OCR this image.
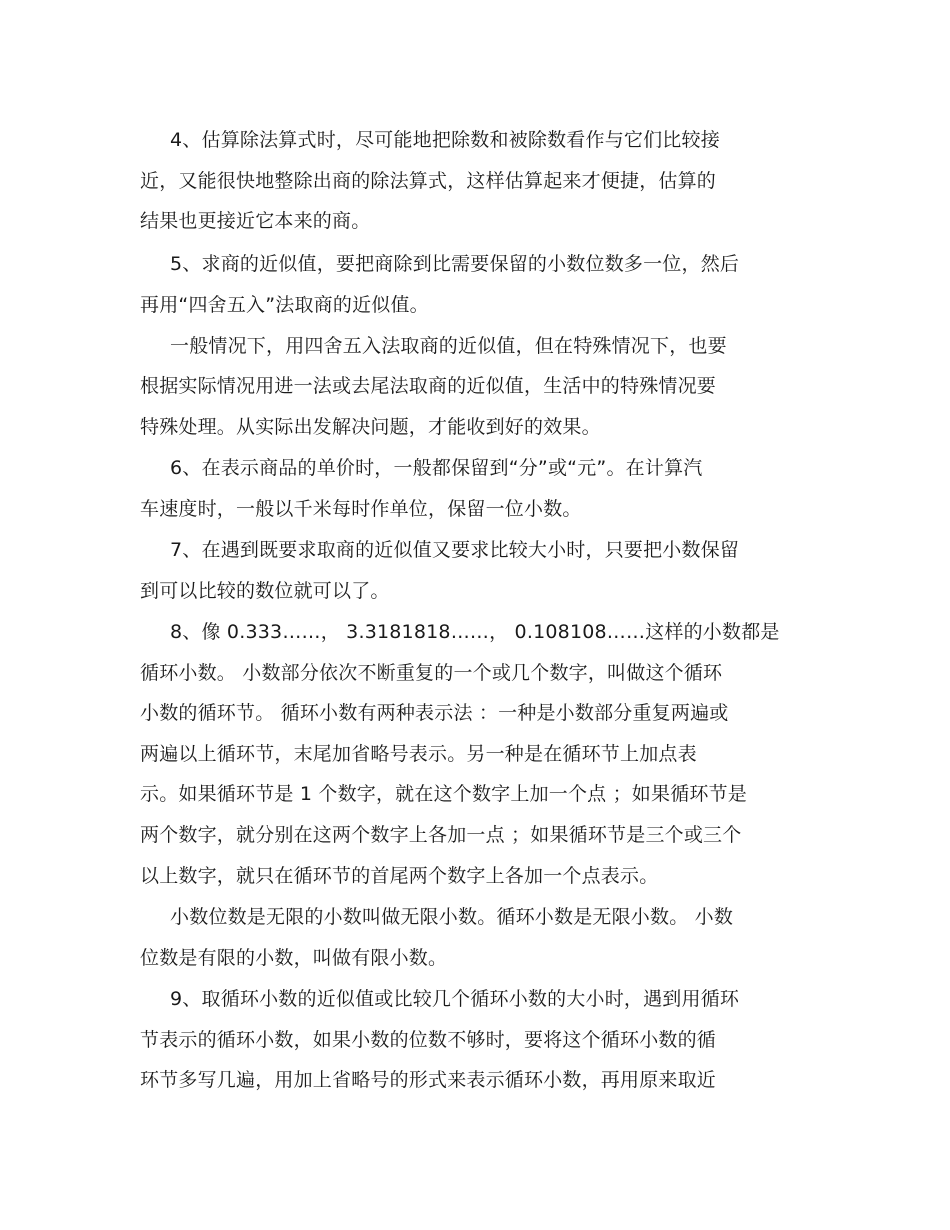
4、估算除法算式时，尽可能地把除数和被除数看作与它们比较接
近，又能很快地整除出商的除法算式，这样估算起来才便捷，估算的
结果也更接近它本来的商。
5、求商的近似值，要把商除到比需要保留的小数位数多一位，然后
再用“四舍五入”法取商的近似值。
一般情况下，用四舍五入法取商的近似值，但在特殊情况下，也要
根据实际情况用进一法或去尾法取商的近似值，生活中的特殊情况要
特殊处理。从实际出发解决问题，才能收到好的效果。
6、在表示商品的单价时，一般都保留到“分”或“元”。在计算汽
车速度时，一般以千米每时作单位，保留一位小数。
7、在遇到既要求取商的近似值又要求比较大小时，只要把小数保留
到可以比较的数位就可以了。
8、像 0.333……， 3.3181818……， 0.108108……这样的小数都是
循环小数。 小数部分依次不断重复的一个或几个数字，叫做这个循环
小数的循环节。 循环小数有两种表示法 ：一种是小数部分重复两遍或
两遍以上循环节，末尾加省略号表示。另一种是在循环节上加点表
示。如果循环节是 1 个数字，就在这个数字上加一个点 ；如果循环节是
两个数字，就分别在这两个数字上各加一点 ；如果循环节是三个或三个
以上数字，就只在循环节的首尾两个数字上各加一个点表示。
小数位数是无限的小数叫做无限小数。循环小数是无限小数。 小数
位数是有限的小数，叫做有限小数。
9、取循环小数的近似值或比较几个循环小数的大小时，遇到用循环
节表示的循环小数，如果小数的位数不够时，要将这个循环小数的循
环节多写几遍，用加上省略号的形式来表示循环小数，再用原来取近
